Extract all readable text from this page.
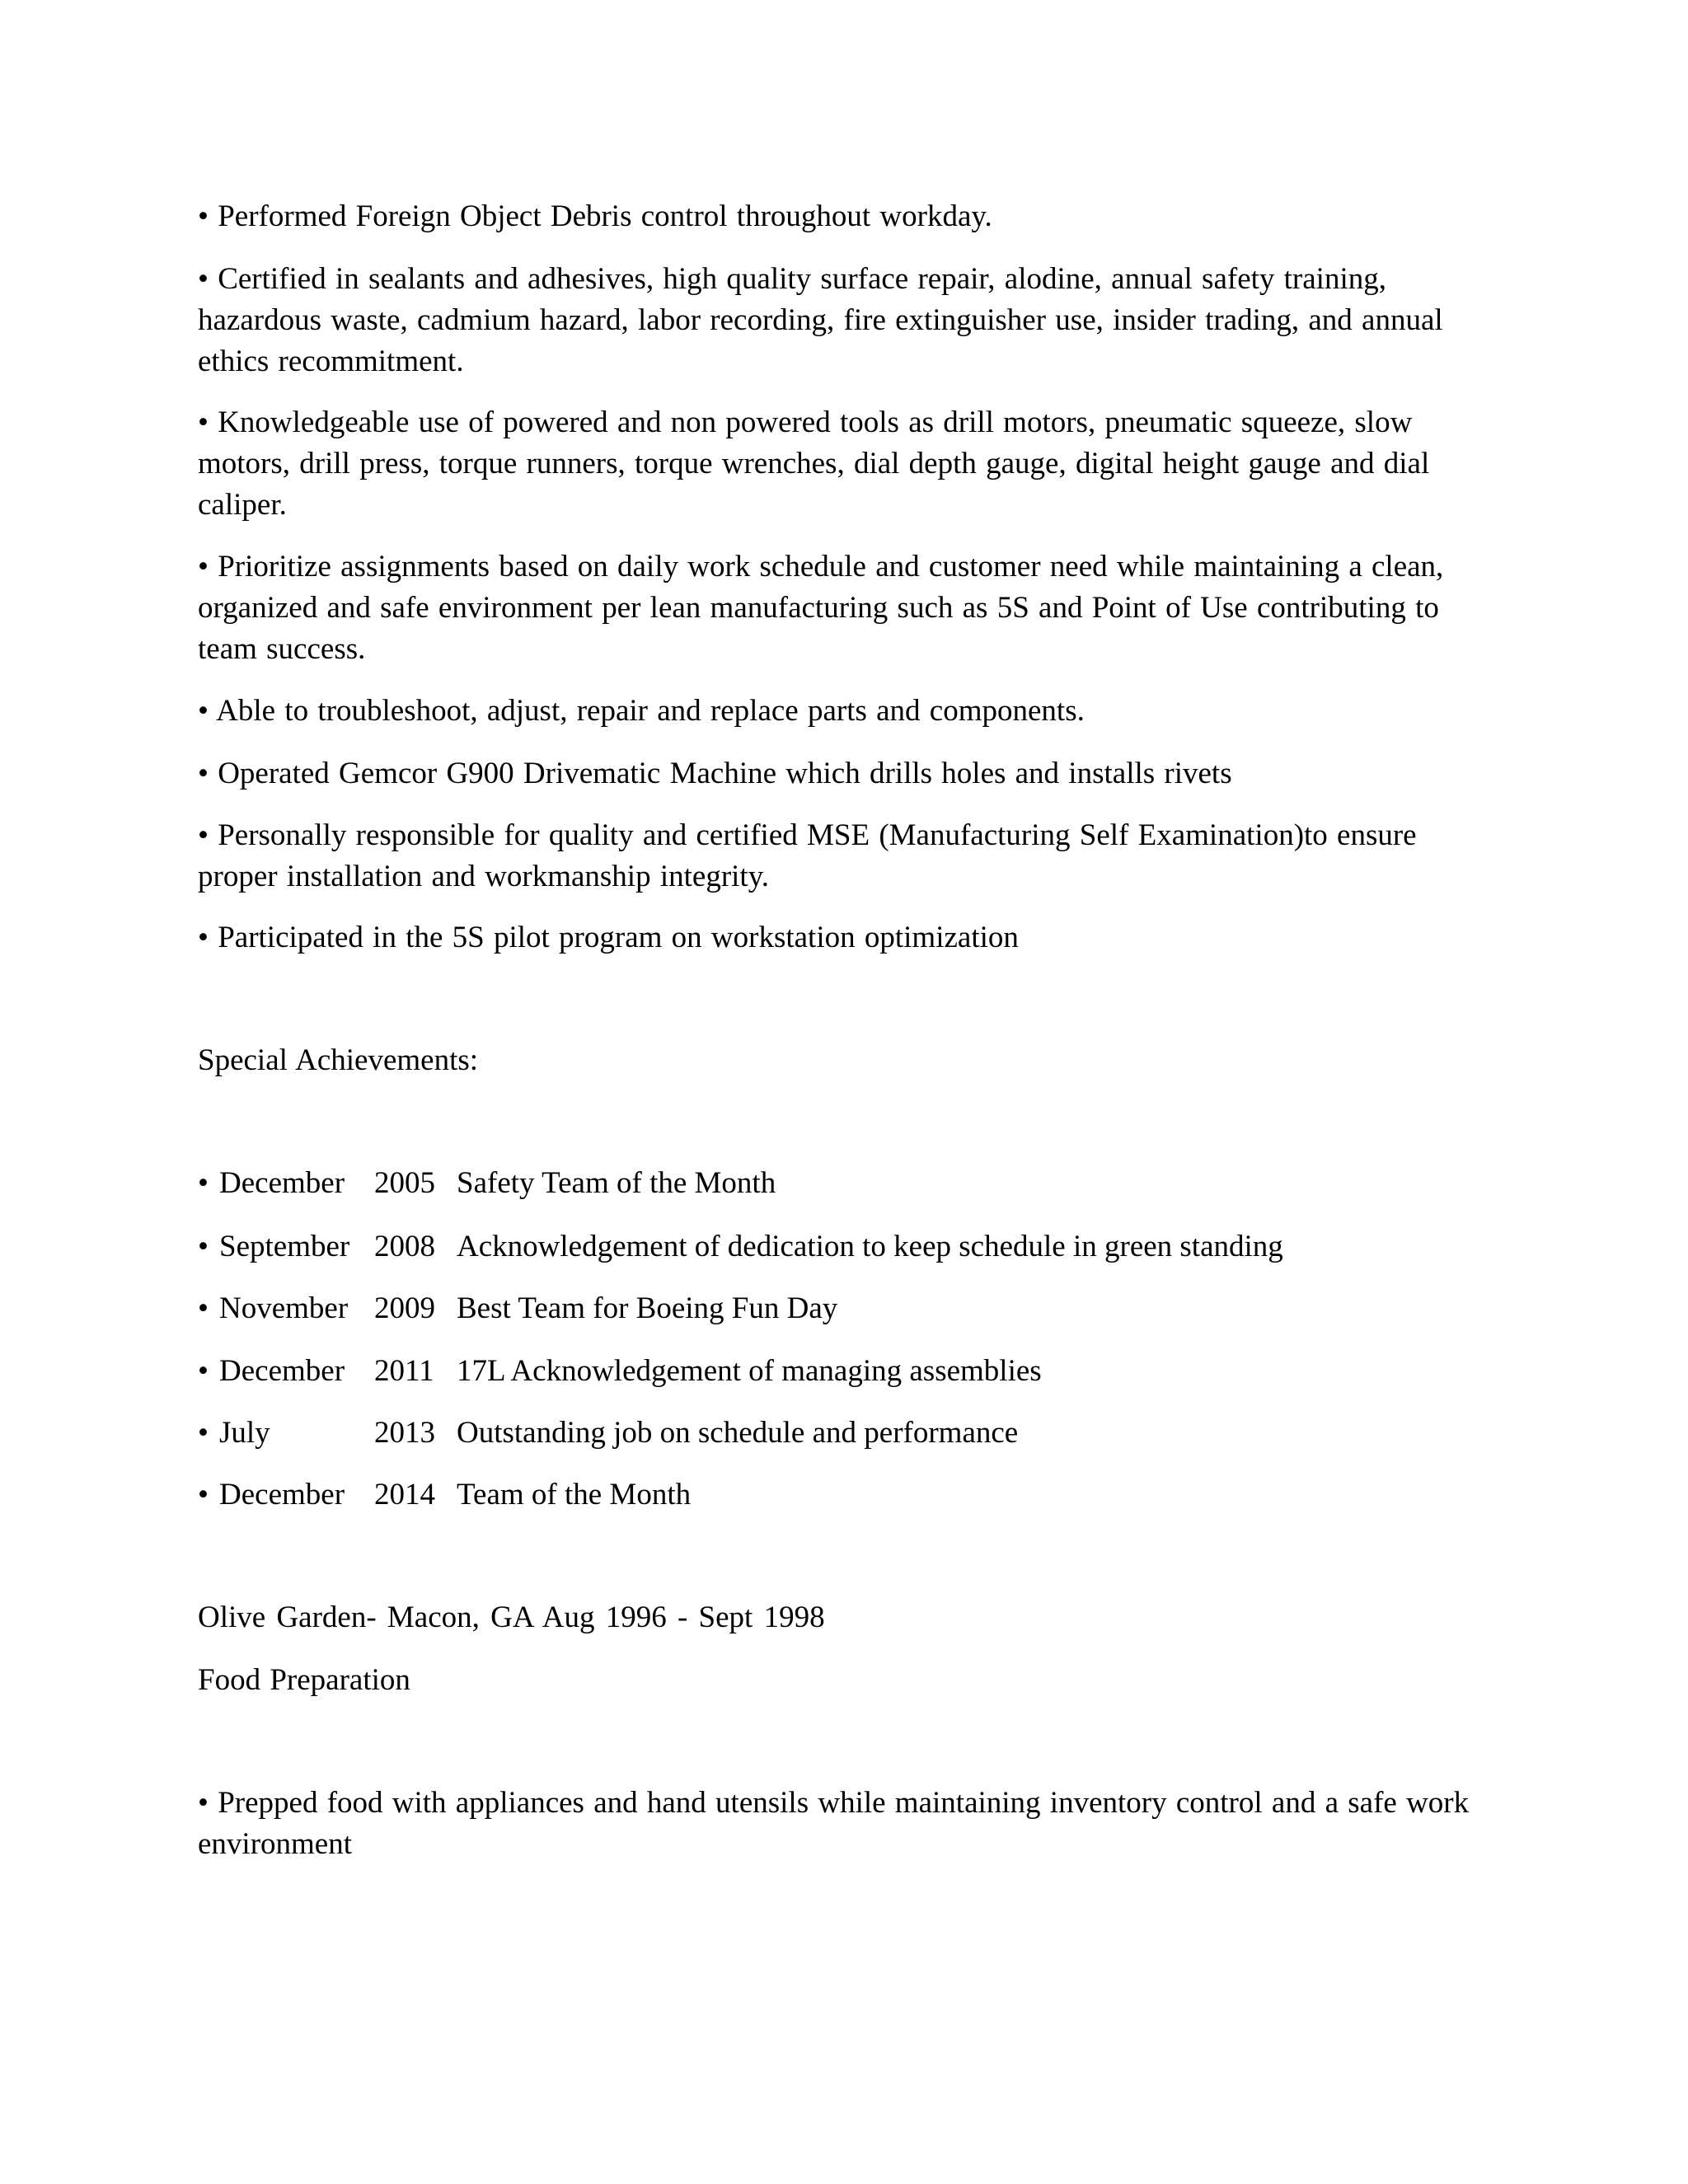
• Performed Foreign Object Debris control throughout workday.

• Certified in sealants and adhesives, high quality surface repair, alodine, annual safety training, hazardous waste, cadmium hazard, labor recording, fire extinguisher use, insider trading, and annual ethics recommitment.

• Knowledgeable use of powered and non powered tools as drill motors, pneumatic squeeze, slow motors, drill press, torque runners, torque wrenches, dial depth gauge, digital height gauge and dial caliper.

• Prioritize assignments based on daily work schedule and customer need while maintaining a clean, organized and safe environment per lean manufacturing such as 5S and Point of Use contributing to team success.

• Able to troubleshoot, adjust, repair and replace parts and components.

• Operated Gemcor G900 Drivematic Machine which drills holes and installs rivets

• Personally responsible for quality and certified MSE (Manufacturing Self Examination)to ensure proper installation and workmanship integrity.

• Participated in the 5S pilot program on workstation optimization

Special Achievements:

• December 2005 Safety Team of the Month

• September 2008 Acknowledgement of dedication to keep schedule in green standing

• November 2009 Best Team for Boeing Fun Day

• December 2011 17L Acknowledgement of managing assemblies

• July	2013 Outstanding job on schedule and performance

• December 2014 Team of the Month

Olive Garden- Macon, GA Aug 1996 - Sept 1998

Food Preparation

• Prepped food with appliances and hand utensils while maintaining inventory control and a safe work environment
